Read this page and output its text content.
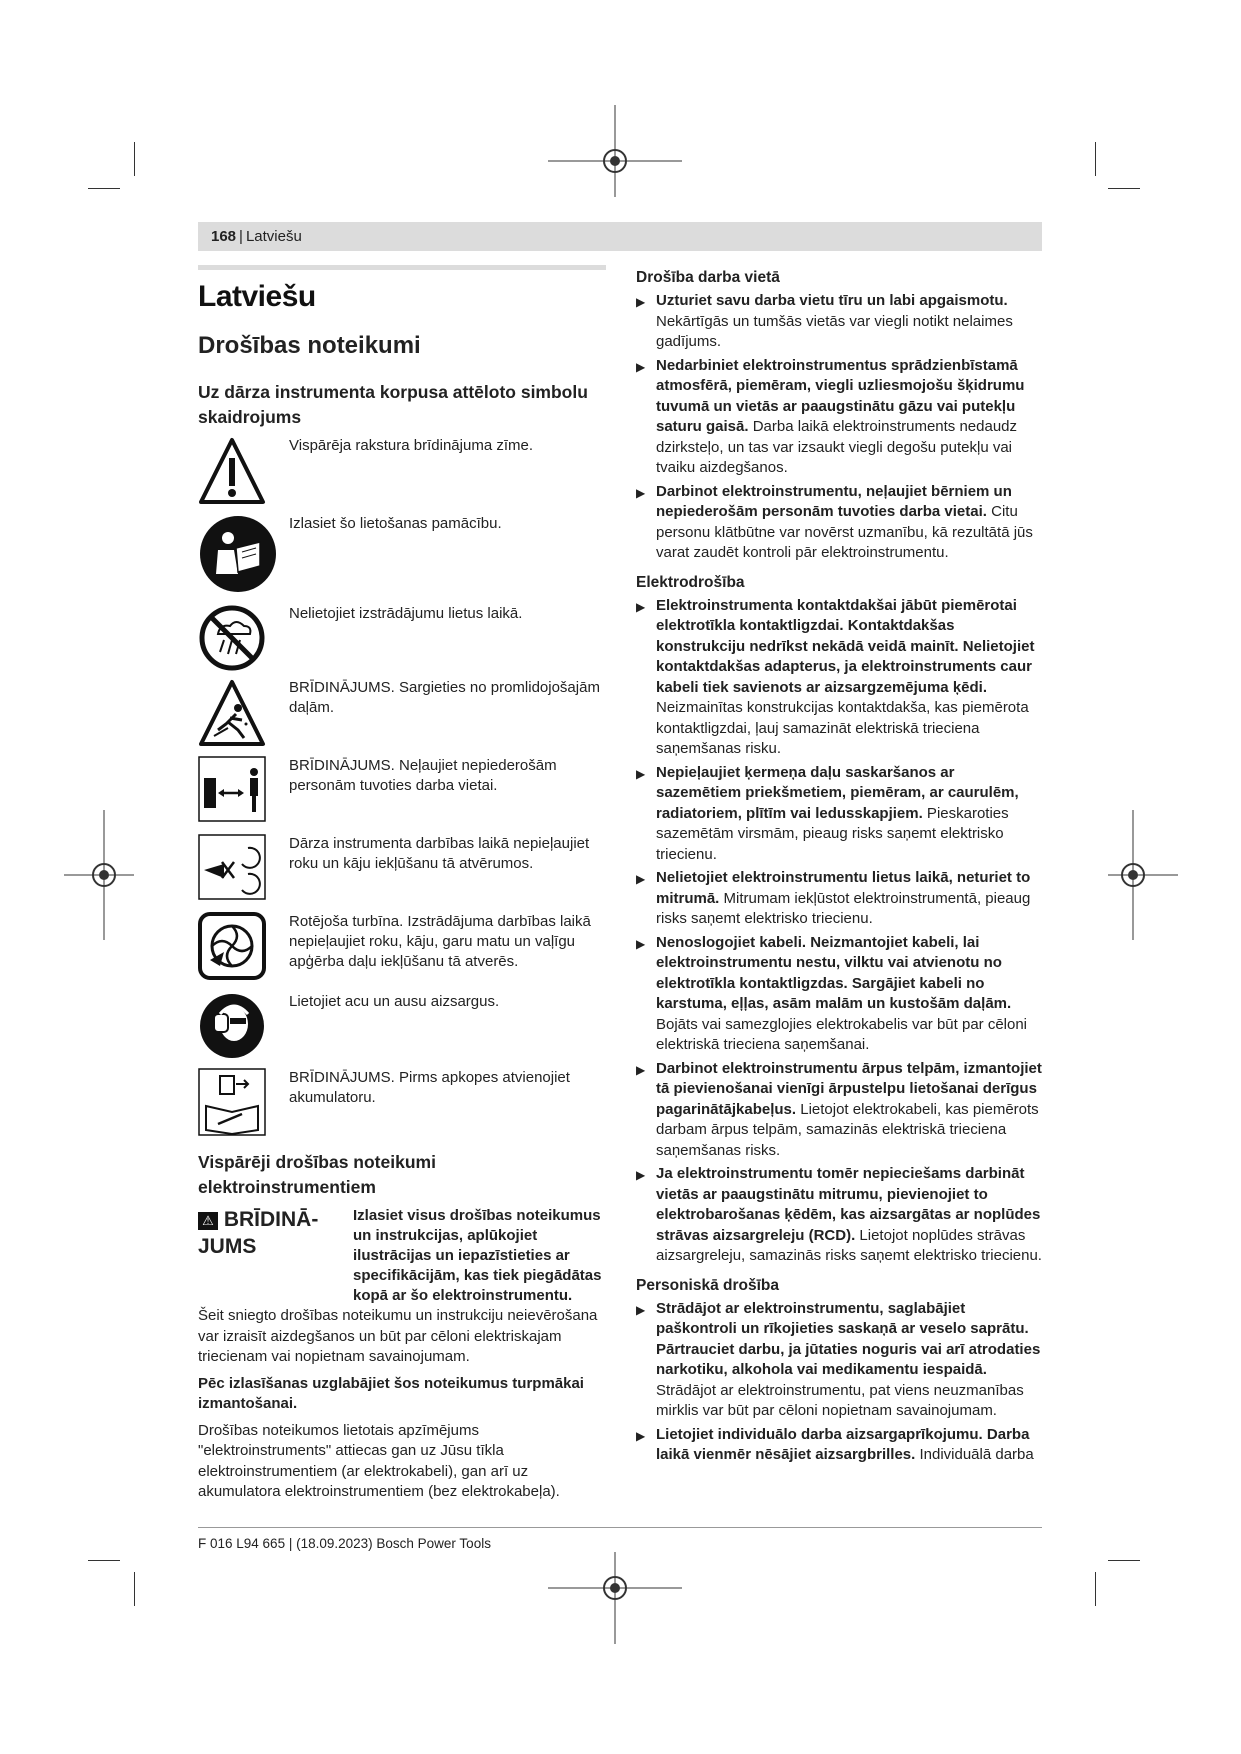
168 | Latviešu
Latviešu
Drošības noteikumi
Uz dārza instrumenta korpusa attēloto simbolu skaidrojums
Vispārēja rakstura brīdinājuma zīme.
Izlasiet šo lietošanas pamācību.
Nelietojiet izstrādājumu lietus laikā.
BRĪDINĀJUMS. Sargieties no promlidojošajām daļām.
BRĪDINĀJUMS. Neļaujiet nepiederošām personām tuvoties darba vietai.
Dārza instrumenta darbības laikā nepieļaujiet roku un kāju iekļūšanu tā atvērumos.
Rotējoša turbīna. Izstrādājuma darbības laikā nepieļaujiet roku, kāju, garu matu un vaļīgu apģērba daļu iekļūšanu tā atverēs.
Lietojiet acu un ausu aizsargus.
BRĪDINĀJUMS. Pirms apkopes atvienojiet akumulatoru.
Vispārēji drošības noteikumi elektroinstrumentiem
⚠ BRĪDINĀ-JUMS
Izlasiet visus drošības noteikumus un instrukcijas, aplūkojiet ilustrācijas un iepazīstieties ar specifikācijām, kas tiek piegādātas kopā ar šo elektroinstrumentu.

Šeit sniegto drošības noteikumu un instrukciju neievērošana var izraisīt aizdegšanos un būt par cēloni elektriskajam triecienam vai nopietnam savainojumam.

Pēc izlasīšanas uzglabājiet šos noteikumus turpmākai izmantošanai.

Drošības noteikumos lietotais apzīmējums "elektroinstruments" attiecas gan uz Jūsu tīkla elektroinstrumentiem (ar elektrokabeli), gan arī uz akumulatora elektroinstrumentiem (bez elektrokabeļa).

Drošība darba vietā
▶ Uzturiet savu darba vietu tīru un labi apgaismotu. Nekārtīgās un tumšās vietās var viegli notikt nelaimes gadījums.
▶ Nedarbiniet elektroinstrumentus sprādzienbīstamā atmosfērā, piemēram, viegli uzliesmojošu šķidrumu tuvumā un vietās ar paaugstinātu gāzu vai putekļu saturu gaisā. Darba laikā elektroinstruments nedaudz dzirksteļo, un tas var izsaukt viegli degošu putekļu vai tvaiku aizdegšanos.
▶ Darbinot elektroinstrumentu, neļaujiet bērniem un nepiederošām personām tuvoties darba vietai. Citu personu klātbūtne var novērst uzmanību, kā rezultātā jūs varat zaudēt kontroli pār elektroinstrumentu.
Elektrodrošība
▶ Elektroinstrumenta kontaktdakšai jābūt piemērotai elektrotīkla kontaktligzdai. Kontaktdakšas konstrukciju nedrīkst nekādā veidā mainīt. Nelietojiet kontaktdakšas adapterus, ja elektroinstruments caur kabeli tiek savienots ar aizsargzemējuma ķēdi. Neizmainītas konstrukcijas kontaktdakša, kas piemērota kontaktligzdai, ļauj samazināt elektriskā trieciena saņemšanas risku.
▶ Nepieļaujiet ķermeņa daļu saskaršanos ar sazemētiem priekšmetiem, piemēram, ar caurulēm, radiatoriem, plītīm vai ledusskapjiem. Pieskaroties sazemētām virsmām, pieaug risks saņemt elektrisko triecienu.
▶ Nelietojiet elektroinstrumentu lietus laikā, neturiet to mitrumā. Mitrumam iekļūstot elektroinstrumentā, pieaug risks saņemt elektrisko triecienu.
▶ Nenoslogojiet kabeli. Neizmantojiet kabeli, lai elektroinstrumentu nestu, vilktu vai atvienotu no elektrotīkla kontaktligzdas. Sargājiet kabeli no karstuma, eļļas, asām malām un kustošām daļām. Bojāts vai samezglojies elektrokabelis var būt par cēloni elektriskā trieciena saņemšanai.
▶ Darbinot elektroinstrumentu ārpus telpām, izmantojiet tā pievienošanai vienīgi ārpustelpu lietošanai derīgus pagarinātājkabeļus. Lietojot elektrokabeli, kas piemērots darbam ārpus telpām, samazinās elektriskā trieciena saņemšanas risks.
▶ Ja elektroinstrumentu tomēr nepieciešams darbināt vietās ar paaugstinātu mitrumu, pievienojiet to elektrobarošanas ķēdēm, kas aizsargātas ar noplūdes strāvas aizsargreleju (RCD). Lietojot noplūdes strāvas aizsargreleju, samazinās risks saņemt elektrisko triecienu.
Personiskā drošība
▶ Strādājot ar elektroinstrumentu, saglabājiet paškontroli un rīkojieties saskaņā ar veselo saprātu. Pārtrauciet darbu, ja jūtaties noguris vai arī atrodaties narkotiku, alkohola vai medikamentu iespaidā. Strādājot ar elektroinstrumentu, pat viens neuzmanības mirklis var būt par cēloni nopietnam savainojumam.
▶ Lietojiet individuālo darba aizsargaprīkojumu. Darba laikā vienmēr nēsājiet aizsargbrilles. Individuālā darba
F 016 L94 665 | (18.09.2023) Bosch Power Tools
